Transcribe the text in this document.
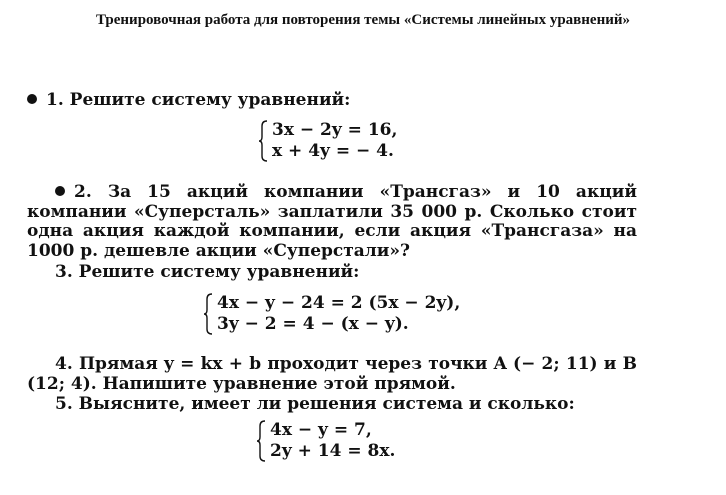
Тренировочная работа для повторения темы «Системы линейных уравнений»
1. Решите систему уравнений:
3x − 2y = 16,
x + 4y = − 4.
2. За 15 акций компании «Трансгаз» и 10 акций компании «Суперсталь» заплатили 35 000 р. Сколько стоит одна акция каждой компании, если акция «Трансгаза» на 1000 р. дешевле акции «Суперстали»?
3. Решите систему уравнений:
4x − y − 24 = 2 (5x − 2y),
3y − 2 = 4 − (x − y).
4. Прямая y = kx + b проходит через точки A (− 2; 11) и B (12; 4). Напишите уравнение этой прямой.
5. Выясните, имеет ли решения система и сколько:
4x − y = 7,
2y + 14 = 8x.
